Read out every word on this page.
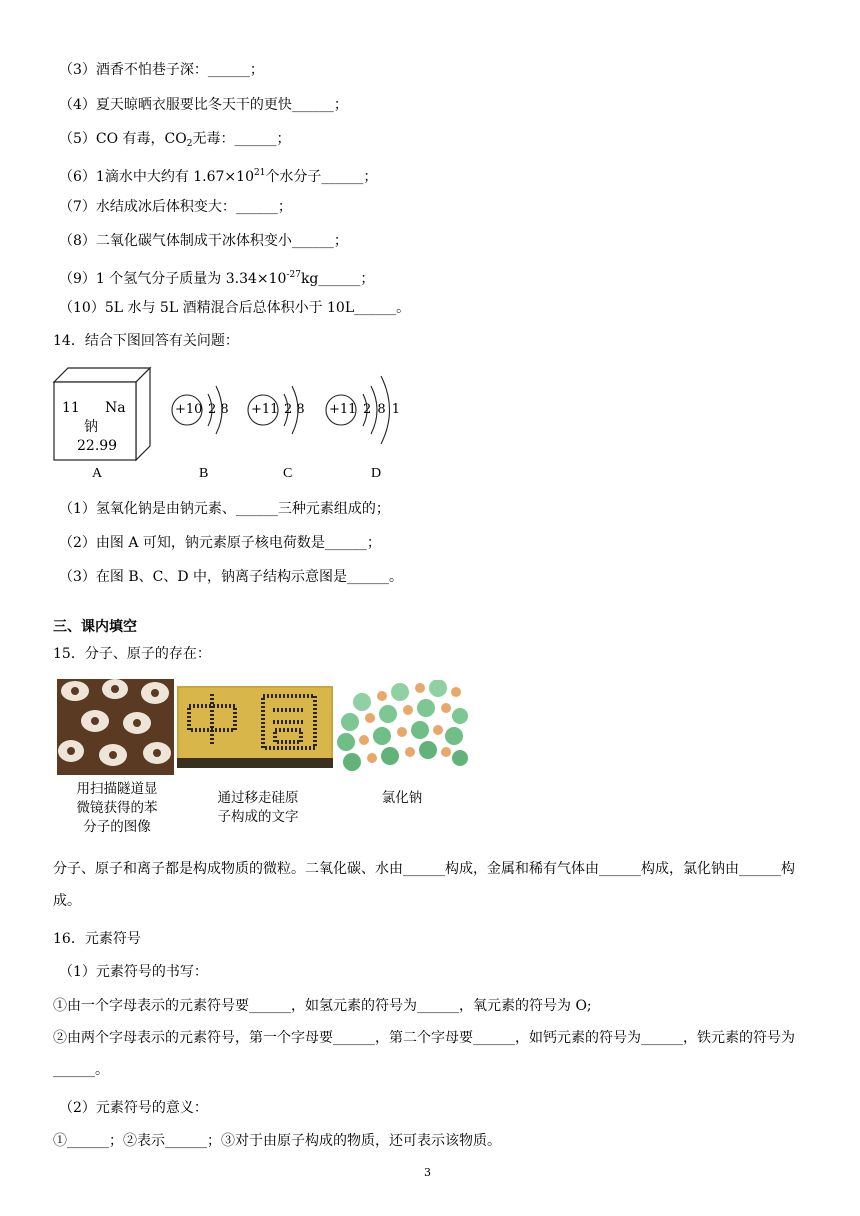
（3）酒香不怕巷子深：______；
（4）夏天晾晒衣服要比冬天干的更快______；
（5）CO 有毒，$CO_2$无毒：______；
（6）1滴水中大约有 $1.67\times 10^{21}$个水分子______；
（7）水结成冰后体积变大：______；
（8）二氧化碳气体制成干冰体积变小______；
（9）1 个氢气分子质量为 $3.34\times 10^{-27}kg\_\_\_\_\_\_$；
（10）5L 水与 5L 酒精混合后总体积小于 10L______。
14．结合下图回答有关问题：
11 Na
钠
22.99
+10 2 8 +11 2 8 +11 2 8 1
A	B	C	D
（1）氢氧化钠是由钠元素、______三种元素组成的；
（2）由图 A 可知，钠元素原子核电荷数是______；
（3）在图 B、C、D 中，钠离子结构示意图是______。
三、课内填空
15．分子、原子的存在：
用扫描隧道显
微镜获得的苯
分子的图像
通过移走硅原
子构成的文字
氯化钠
分子、原子和离子都是构成物质的微粒。二氧化碳、水由______构成，金属和稀有气体由______构成，氯化钠由______构成。
16．元素符号
（1）元素符号的书写：
①由一个字母表示的元素符号要______，如氢元素的符号为______，氧元素的符号为 O;
②由两个字母表示的元素符号，第一个字母要______，第二个字母要______，如钙元素的符号为______，铁元素的符号为______。
（2）元素符号的意义：
①______；②表示______；③对于由原子构成的物质，还可表示该物质。
3
